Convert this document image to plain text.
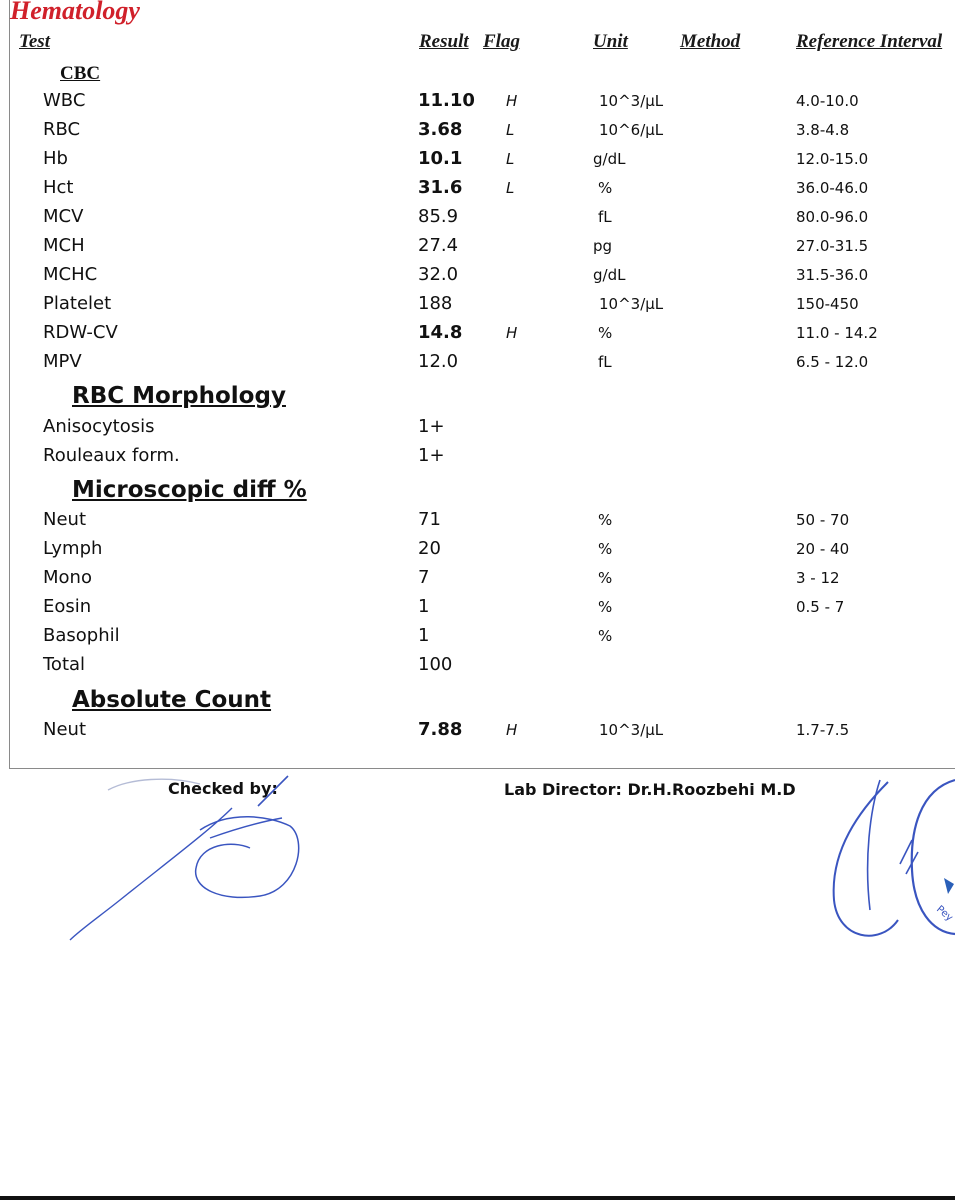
Hematology
Test	Result Flag	Unit	Method	Reference Interval
CBC
WBC	11.10 H	10^3/µL	4.0-10.0
RBC	3.68	L	10^6/µL	3.8-4.8
Hb	10.1	L	g/dL	12.0-15.0
Hct	31.6	L	%	36.0-46.0
MCV	85.9	fL	80.0-96.0
MCH	27.4	pg	27.0-31.5
MCHC	32.0	g/dL	31.5-36.0
Platelet	188	10^3/µL	150-450
RDW-CV	14.8	H	%	11.0 - 14.2
MPV	12.0	fL	6.5 - 12.0
RBC Morphology
Anisocytosis	1+
Rouleaux form.	1+
Microscopic diff %
Neut	71	%	50 - 70
Lymph	20	%	20 - 40
Mono	7	%	3 - 12
Eosin	1	%	0.5 - 7
Basophil	1	%
Total	100
Absolute Count
Neut	7.88	H	10^3/µL	1.7-7.5
Checked by:	Lab Director: Dr.H.Roozbehi M.D
Pey
